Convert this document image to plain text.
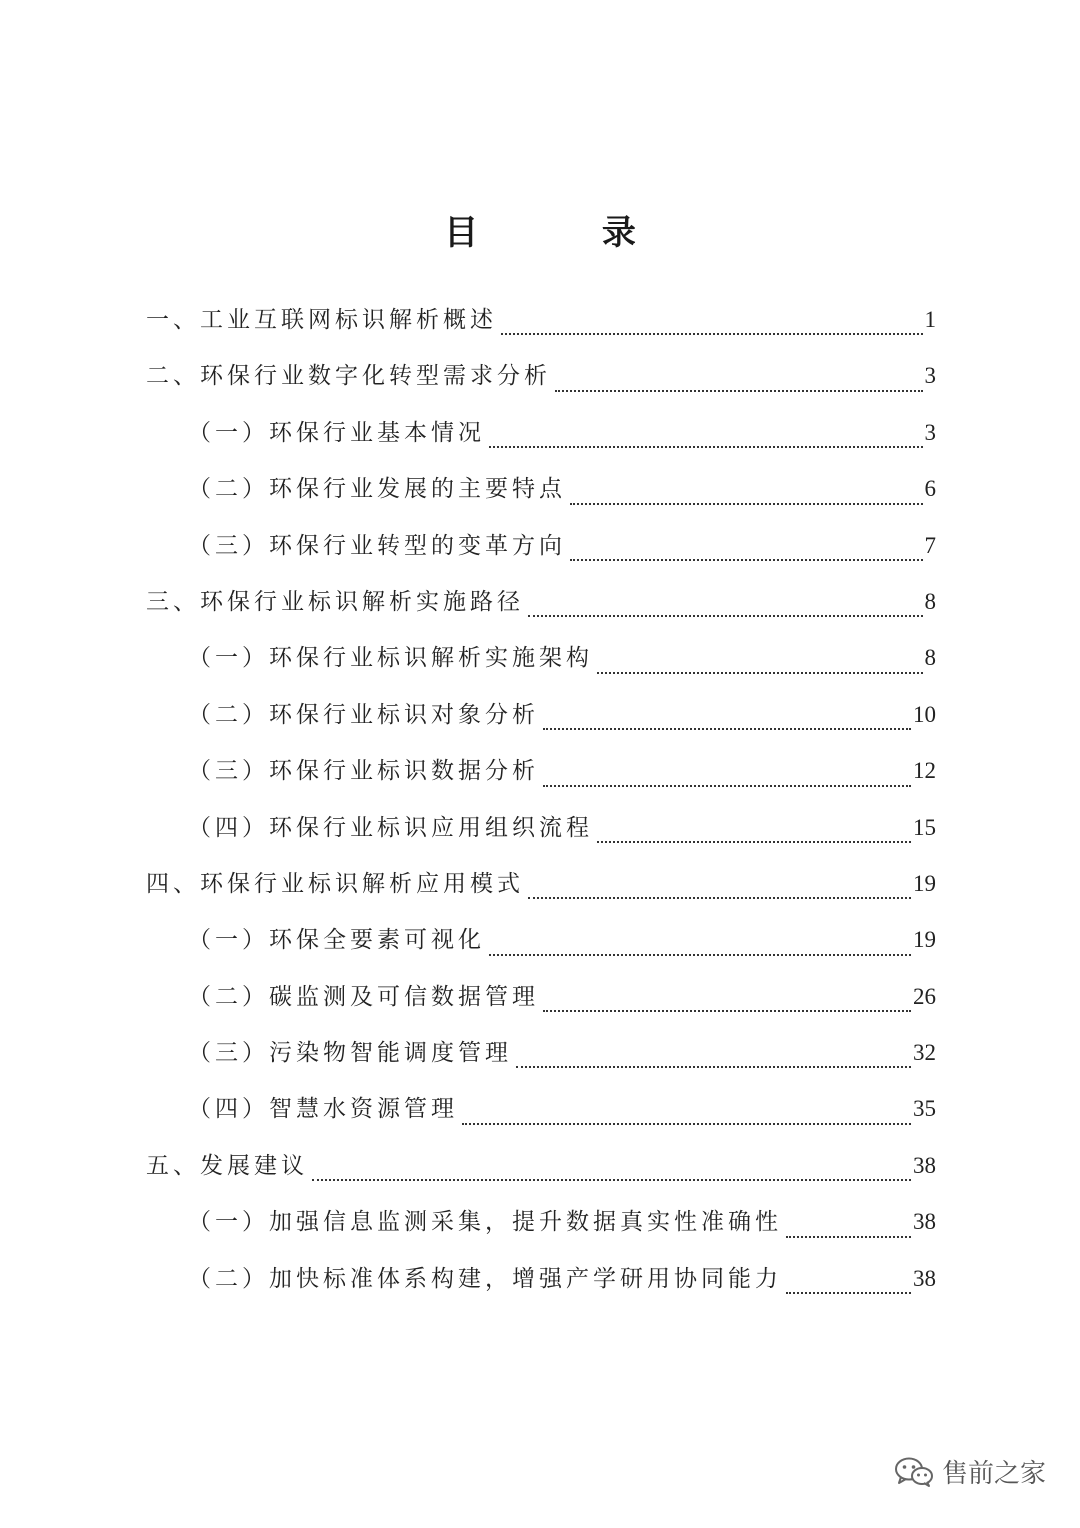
目 录
一、工业互联网标识解析概述	1
二、环保行业数字化转型需求分析	3
（一）环保行业基本情况	3
（二）环保行业发展的主要特点	6
（三）环保行业转型的变革方向	7
三、环保行业标识解析实施路径	8
（一）环保行业标识解析实施架构	8
（二）环保行业标识对象分析	10
（三）环保行业标识数据分析	12
（四）环保行业标识应用组织流程	15
四、环保行业标识解析应用模式	19
（一）环保全要素可视化	19
（二）碳监测及可信数据管理	26
（三）污染物智能调度管理	32
（四）智慧水资源管理	35
五、发展建议	38
（一）加强信息监测采集，提升数据真实性准确性	38
（二）加快标准体系构建，增强产学研用协同能力	38
售前之家
